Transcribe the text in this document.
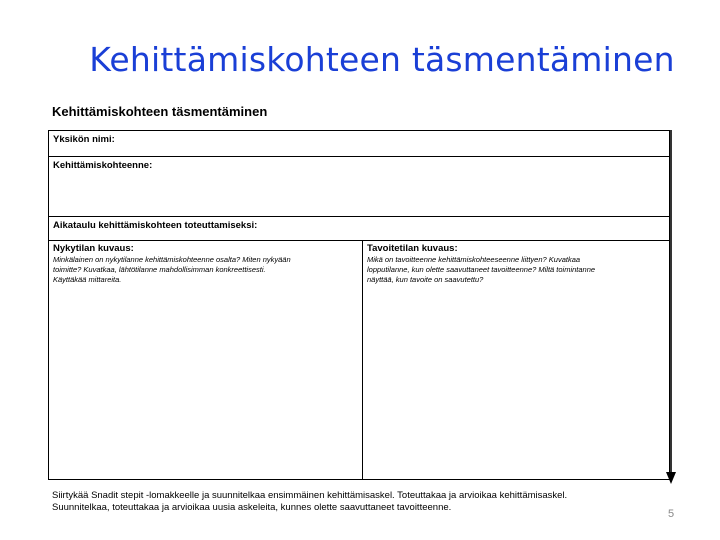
Kehittämiskohteen täsmentäminen
Kehittämiskohteen täsmentäminen
Yksikön nimi:
Kehittämiskohteenne:
Aikataulu kehittämiskohteen toteuttamiseksi:
Nykytilan kuvaus:
Minkälainen on nykytilanne kehittämiskohteenne osalta? Miten nykyään
toimitte? Kuvatkaa, lähtötilanne mahdollisimman konkreettisesti.
Käyttäkää mittareita.
Tavoitetilan kuvaus:
Mikä on tavoitteenne kehittämiskohteeseenne liittyen? Kuvatkaa
lopputilanne, kun olette saavuttaneet tavoitteenne? Miltä toimintanne
näyttää, kun tavoite on saavutettu?
Siirtykää Snadit stepit -lomakkeelle ja suunnitelkaa ensimmäinen kehittämisaskel. Toteuttakaa ja arvioikaa kehittämisaskel.
Suunnitelkaa, toteuttakaa ja arvioikaa uusia askeleita, kunnes olette saavuttaneet tavoitteenne.
5
